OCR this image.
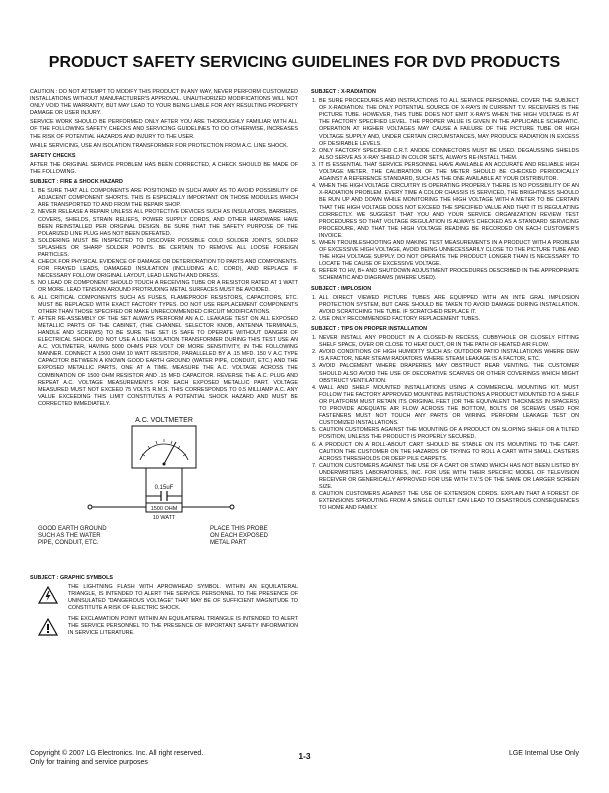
PRODUCT SAFETY SERVICING GUIDELINES FOR DVD PRODUCTS

CAUTION : DO NOT ATTEMPT TO MODIFY THIS PRODUCT IN ANY WAY, NEVER PERFORM CUSTOMIZED INSTALLATIONS WITHOUT MANUFACTURER'S APPROVAL. UNAUTHORIZED MODIFICATIONS WILL NOT ONLY VOID THE WARRANTY, BUT MAY LEAD TO YOUR BEING LIABLE FOR ANY RESULTING PROPERTY DAMAGE OR USER INJURY.

SERVICE WORK SHOULD BE PERFORMED ONLY AFTER YOU ARE THOROUGHLY FAMILIAR WITH ALL OF THE FOLLOWING SAFETY CHECKS AND SERVICING GUIDELINES TO DO OTHERWISE, INCREASES THE RISK OF POTENTIAL HAZARDS AND INJURY TO THE USER.

WHILE SERVICING, USE AN ISOLATION TRANSFORMER FOR PROTECTION FROM A.C. LINE SHOCK.

SAFETY CHECKS

AFTER THE ORIGINAL SERVICE PROBLEM HAS BEEN CORRECTED, A CHECK SHOULD BE MADE OF THE FOLLOWING.

SUBJECT : FIRE & SHOCK HAZARD
1. BE SURE THAT ALL COMPONENTS ARE POSITIONED IN SUCH AWAY AS TO AVOID POSSIBILITY OF ADJACENT COMPONENT SHORTS. THIS IS ESPECIALLY IMPORTANT ON THOSE MODULES WHICH ARE TRANSPORTED TO AND FROM THE REPAIR SHOP.
2. NEVER RELEASE A REPAIR UNLESS ALL PROTECTIVE DEVICES SUCH AS INSULATORS, BARRIERS, COVERS, SHIELDS, STRAIN RELIEFS, POWER SUPPLY CORDS, AND OTHER HARDWARE HAVE BEEN REINSTALLED PER ORIGINAL DESIGN. BE SURE THAT THE SAFETY PURPOSE OF THE POLARIZED LINE PLUG HAS NOT BEEN DEFEATED.
3. SOLDERING MUST BE INSPECTED TO DISCOVER POSSIBLE COLD SOLDER JOINTS, SOLDER SPLASHES OR SHARP SOLDER POINTS. BE CERTAIN TO REMOVE ALL LOOSE FOREIGN PARTICLES.
4. CHECK FOR PHYSICAL EVIDENCE OF DAMAGE OR DETERIORATION TO PARTS AND COMPONENTS. FOR FRAYED LEADS, DAMAGED INSULATION (INCLUDING A.C. CORD), AND REPLACE IF NECESSARY FOLLOW ORIGINAL LAYOUT, LEAD LENGTH AND DRESS.
5. NO LEAD OR COMPONENT SHOULD TOUCH A RECEIVING TUBE OR A RESISTOR RATED AT 1 WATT OR MORE. LEAD TENSION AROUND PROTRUDING METAL SURFACES MUST BE AVOIDED.
6. ALL CRITICAL COMPONENTS SUCH AS FUSES, FLAMEPROOF RESISTORS, CAPACITORS, ETC. MUST BE REPLACED WITH EXACT FACTORY TYPES. DO NOT USE REPLACEMENT COMPONENTS OTHER THAN THOSE SPECIFIED OR MAKE UNRECOMMENDED CIRCUIT MODIFICATIONS.
7. AFTER RE-ASSEMBLY OF THE SET ALWAYS PERFORM AN A.C. LEAKAGE TEST ON ALL EXPOSED METALLIC PARTS OF THE CABINET, (THE CHANNEL SELECTOR KNOB, ANTENNA TERMINALS, HANDLE AND SCREWS) TO BE SURE THE SET IS SAFE TO OPERATE WITHOUT DANGER OF ELECTRICAL SHOCK. DO NOT USE A LINE ISOLATION TRANSFORMER DURING THIS TEST USE AN A.C. VOLTMETER, HAVING 5000 OHMS PER VOLT OR MORE SENSITIVITY, IN THE FOLLOWING MANNER. CONNECT A 1500 OHM 10 WATT RESISTOR, PARALLELED BY A .15 MFD. 150 V A.C TYPE CAPACITOR BETWEEN A KNOWN GOOD EARTH GROUND (WATER PIPE, CONDUIT, ETC.) AND THE EXPOSED METALLIC PARTS, ONE AT A TIME. MEASURE THE A.C. VOLTAGE ACROSS THE COMBINATION OF 1500 OHM RESISTOR AND .15 MFD CAPACITOR. REVERSE THE A.C. PLUG AND REPEAT A.C. VOLTAGE MEASUREMENTS FOR EACH EXPOSED METALLIC PART. VOLTAGE MEASURED MUST NOT EXCEED 75 VOLTS R.M.S. THIS CORRESPONDS TO 0.5 MILLIAMP A.C. ANY VALUE EXCEEDING THIS LIMIT CONSTITUTES A POTENTIAL SHOCK HAZARD AND MUST BE CORRECTED IMMEDIATELY.
A.C. VOLTMETER
0.15uF
1500 OHM
10 WATT
GOOD EARTH GROUND
SUCH AS THE WATER
PIPE, CONDUIT, ETC.
PLACE THIS PROBE
ON EACH EXPOSED
METAL PART
SUBJECT : GRAPHIC SYMBOLS
THE LIGHTNING FLASH WITH APROWHEAD SYMBOL. WITHIN AN EQUILATERAL TRIANGLE, IS INTENDED TO ALERT THE SERVICE PERSONNEL TO THE PRESENCE OF UNINSULATED "DANGEROUS VOLTAGE" THAT MAY BE OF SUFFICIENT MAGNITUDE TO CONSTITUTE A RISK OF ELECTRIC SHOCK.
THE EXCLAMATION POINT WITHIN AN EQUILATERAL TRIANGLE IS INTENDED TO ALERT THE SERVICE PERSONNEL TO THE PRESENCE OF IMPORTANT SAFETY INFORMATION IN SERVICE LITERATURE.
SUBJECT : X-RADIATION
1. BE SURE PROCEDURES AND INSTRUCTIONS TO ALL SERVICE PERSONNEL COVER THE SUBJECT OF X-RADIATION. THE ONLY POTENTIAL SOURCE OF X-RAYS IN CURRENT T.V. RECEIVERS IS THE PICTURE TUBE. HOWEVER, THIS TUBE DOES NOT EMIT X-RAYS WHEN THE HIGH VOLTAGE IS AT THE FACTORY SPECIFIED LEVEL. THE PROPER VALUE IS GIVEN IN THE APPLICABLE SCHEMATIC. OPERATION AT HIGHER VOLTAGES MAY CAUSE A FAILURE OF THE PICTURE TUBE OR HIGH VOLTAGE SUPPLY AND, UNDER CERTAIN CIRCUMSTANCES, MAY PRODUCE RADIATION IN EXCESS OF DESIRABLE LEVELS.
2. ONLY FACTORY SPECIFIED C.R.T. ANODE CONNECTORS MUST BE USED. DEGAUSSING SHIELDS ALSO SERVE AS X-RAY SHIELD IN COLOR SETS, ALWAYS RE-INSTALL THEM.
3. IT IS ESSENTIAL THAT SERVICE PERSONNEL HAVE AVAILABLE AN ACCURATE AND RELIABLE HIGH VOLTAGE METER. THE CALIBRATION OF THE METER SHOULD BE CHECKED PERIODICALLY AGAINST A REFERENCE STANDARD, SUCH AS THE ONE AVAILABLE AT YOUR DISTRIBUTOR.
4. WHEN THE HIGH VOLTAGE CIRCUITRY IS OPERATING PROPERLY THERE IS NO POSSIBILITY OF AN X-RADIATION PROBLEM. EVERY TIME A COLOR CHASSIS IS SERVICED, THE BRIGHTNESS SHOULD BE RUN UP AND DOWN WHILE MONITORING THE HIGH VOLTAGE WITH A METER TO BE CERTAIN THAT THE HIGH VOLTAGE DOES NOT EXCEED THE SPECIFIED VALUE AND THAT IT IS REGULATING CORRECTLY. WE SUGGEST THAT YOU AND YOUR SERVICE ORGANIZATION REVIEW TEST PROCEDURES SO THAT VOLTAGE REGULATION IS ALWAYS CHECKED AS A STANDARD SERVICING PROCEDURE, AND THAT THE HIGH VOLTAGE READING BE RECORDED ON EACH CUSTOMER'S INVOICE.
5. WHEN TROUBLESHOOTING AND MAKING TEST MEASUREMENTS IN A PRODUCT WITH A PROBLEM OF EXCESSIVE HIGH VOLTAGE, AVOID BEING UNNECESSARILY CLOSE TO THE PICTURE TUBE AND THE HIGH VOLTAGE SUPPLY. DO NOT OPERATE THE PRODUCT LONGER THAN IS NECESSARY TO LOCATE THE CAUSE OF EXCESSIVE VOLTAGE.
6. REFER TO HV, B+ AND SHUTDOWN ADJUSTMENT PROCEDURES DESCRIBED IN THE APPROPRIATE SCHEMATIC AND DIAGRAMS (WHERE USED).
SUBJECT : IMPLOSION
1. ALL DIRECT VIEWED PICTURE TUBES ARE EQUIPPED WITH AN INTE GRAL IMPLOSION PROTECTION SYSTEM, BUT CARE SHOULD BE TAKEN TO AVOID DAMAGE DURING INSTALLATION. AVOID SCRATCHING THE TUBE. IF SCRATCHED REPLACE IT.
2. USE ONLY RECOMMENDED FACTORY REPLACEMENT TUBES.
SUBJECT : TIPS ON PROPER INSTALLATION
1. NEVER INSTALL ANY PRODUCT IN A CLOSED-IN RECESS, CUBBYHOLE OR CLOSELY FITTING SHELF SPACE, OVER OR CLOSE TO HEAT DUCT, OR IN THE PATH OF HEATED AIR FLOW.
2. AVOID CONDITIONS OF HIGH HUMIDITY SUCH AS: OUTDOOR PATIO INSTALLATIONS WHERE DEW IS A FACTOR, NEAR STEAM RADIATORS WHERE STEAM LEAKAGE IS A FACTOR, ETC.
3. AVOID PALCEMENT WHERE DRAPERIES MAY OBSTRUCT REAR VENTING. THE CUSTOMER SHOULD ALSO AVOID THE USE OF DECORATIVE SCARVES OR OTHER COVERINGS WHICH MIGHT OBSTRUCT VENTILATION.
4. WALL AND SHELF MOUNTED INSTALLATIONS USING A COMMERCIAL MOUNTING KIT. MUST FOLLOW THE FACTORY APPROVED MOUNTING INSTRUCTIONS A PRODUCT MOUNTED TO A SHELF OR PLATFORM MUST RETAIN ITS ORIGINAL FEET (OR THE EQUIVALENT THICKNESS IN SPACERS) TO PROVIDE ADEQUATE AIR FLOW ACROSS THE BOTTOM, BOLTS OR SCREWS USED FOR FASTENERS MUST NOT TOUCH ANY PARTS OR WIRING. PERFORM LEAKAGE TEST ON CUSTOMIZED INSTALLATIONS.
5. CAUTION CUSTOMERS AGAINST THE MOUNTING OF A PRODUCT ON SLOPING SHELF OR A TILTED POSITION, UNLESS THE PRODUCT IS PROPERLY SECURED.
6. A PRODUCT ON A ROLL-ABOUT CART SHOULD BE STABLE ON ITS MOUNTING TO THE CART. CAUTION THE CUSTOMER ON THE HAZARDS OF TRYING TO ROLL A CART WITH SMALL CASTERS ACROSS THRESHOLDS OR DEEP PILE CARPETS.
7. CAUTION CUSTOMERS AGAINST THE USE OF A CART OR STAND WHICH HAS NOT BEEN LISTED BY UNDERWRITERS LABORATORIES, INC. FOR USE WITH THEIR SPECIFIC MODEL OF TELEVISION RECEIVER OR GENERICALLY APPROVED FOR USE WITH T.V.'S OF THE SAME OR LARGER SCREEN SIZE.
8. CAUTION CUSTOMERS AGAINST THE USE OF EXTENSION CORDS. EXPLAIN THAT A FOREST OF EXTENSIONS SPROUTING FROM A SINGLE OUTLET CAN LEAD TO DISASTROUS CONSEQUENCES TO HOME AND FAMILY.
Copyright © 2007 LG Electronics. Inc. All right reserved.
Only for training and service purposes
1-3	LGE Internal Use Only
